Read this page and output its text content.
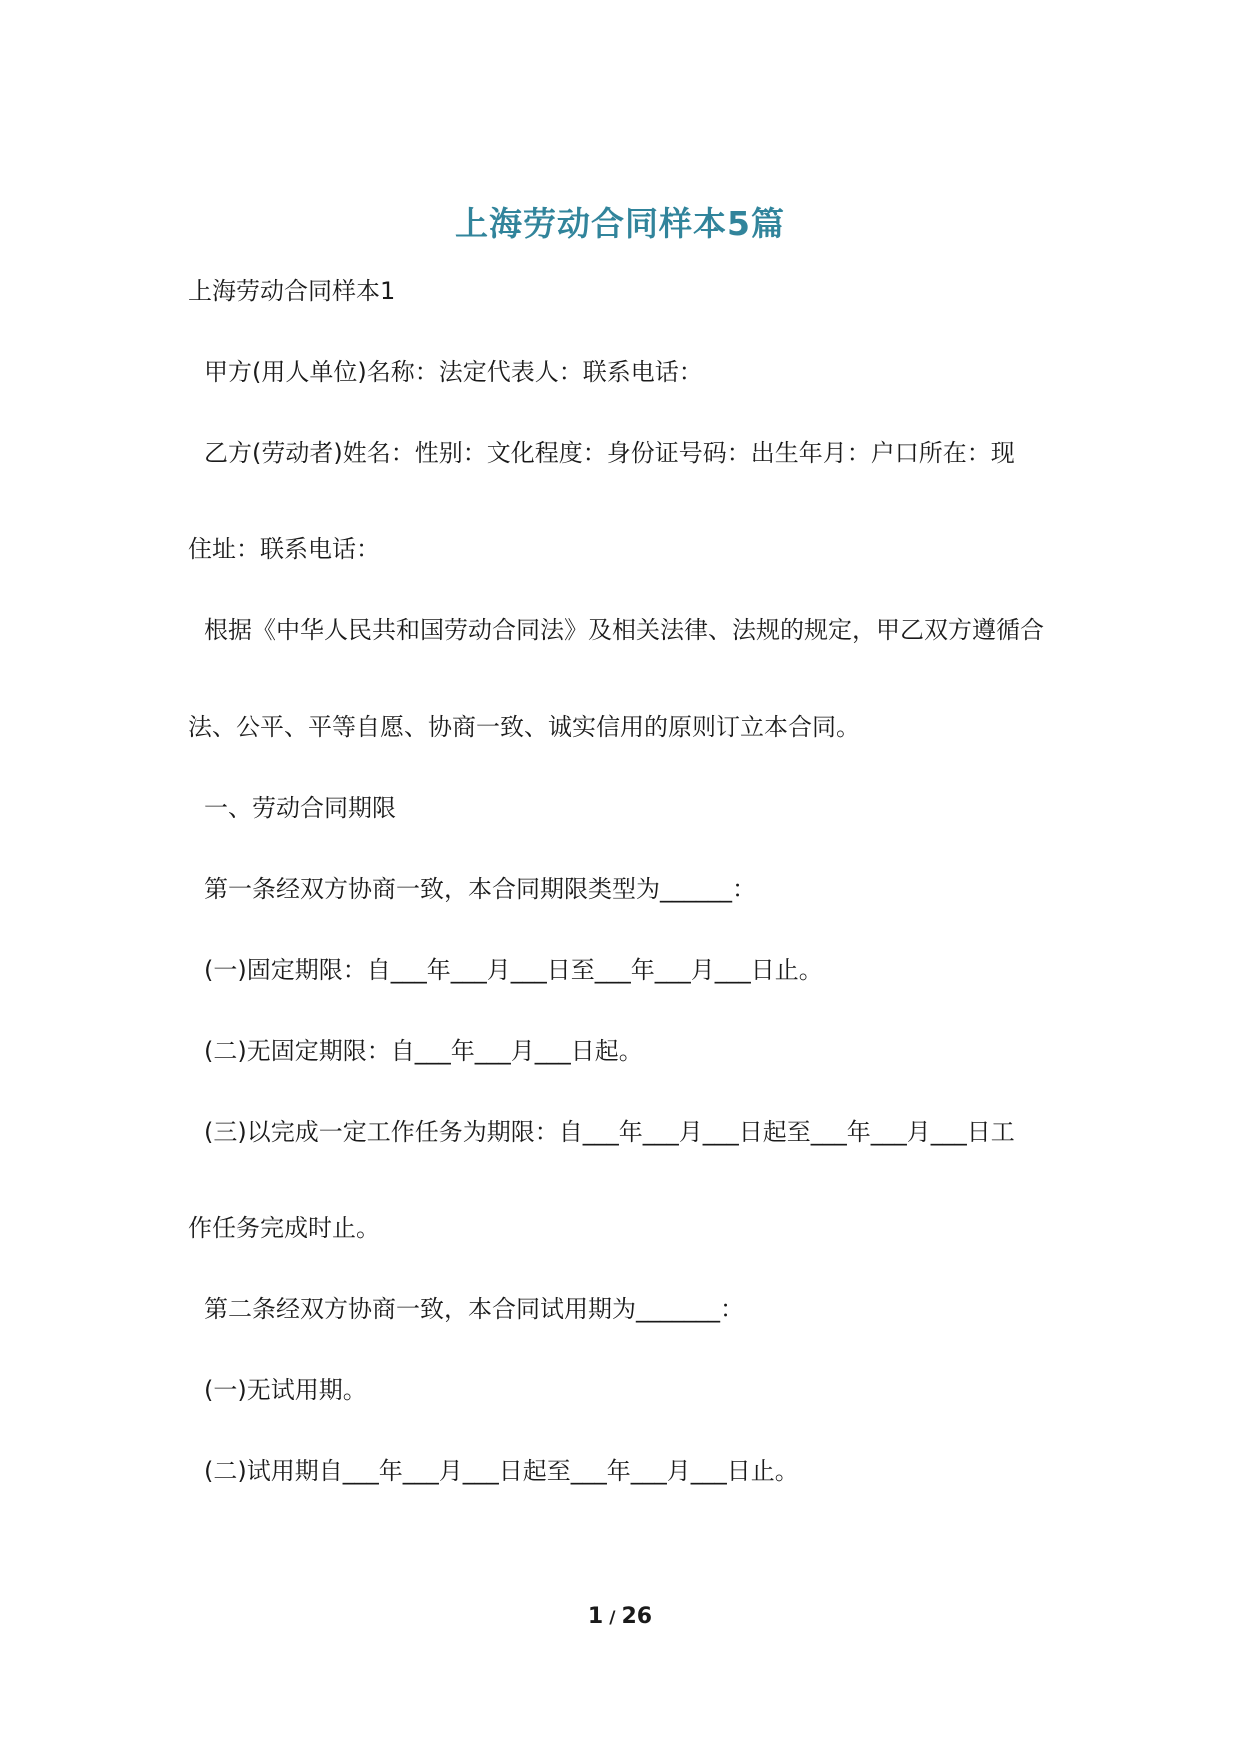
上海劳动合同样本5篇
上海劳动合同样本1
甲方(用人单位)名称：法定代表人：联系电话：
乙方(劳动者)姓名：性别：文化程度：身份证号码：出生年月：户口所在：现
住址：联系电话：
根据《中华人民共和国劳动合同法》及相关法律、法规的规定，甲乙双方遵循合
法、公平、平等自愿、协商一致、诚实信用的原则订立本合同。
一、劳动合同期限
第一条经双方协商一致，本合同期限类型为______：
(一)固定期限：自___年___月___日至___年___月___日止。
(二)无固定期限：自___年___月___日起。
(三)以完成一定工作任务为期限：自___年___月___日起至___年___月___日工
作任务完成时止。
第二条经双方协商一致，本合同试用期为_______：
(一)无试用期。
(二)试用期自___年___月___日起至___年___月___日止。
1 / 26
